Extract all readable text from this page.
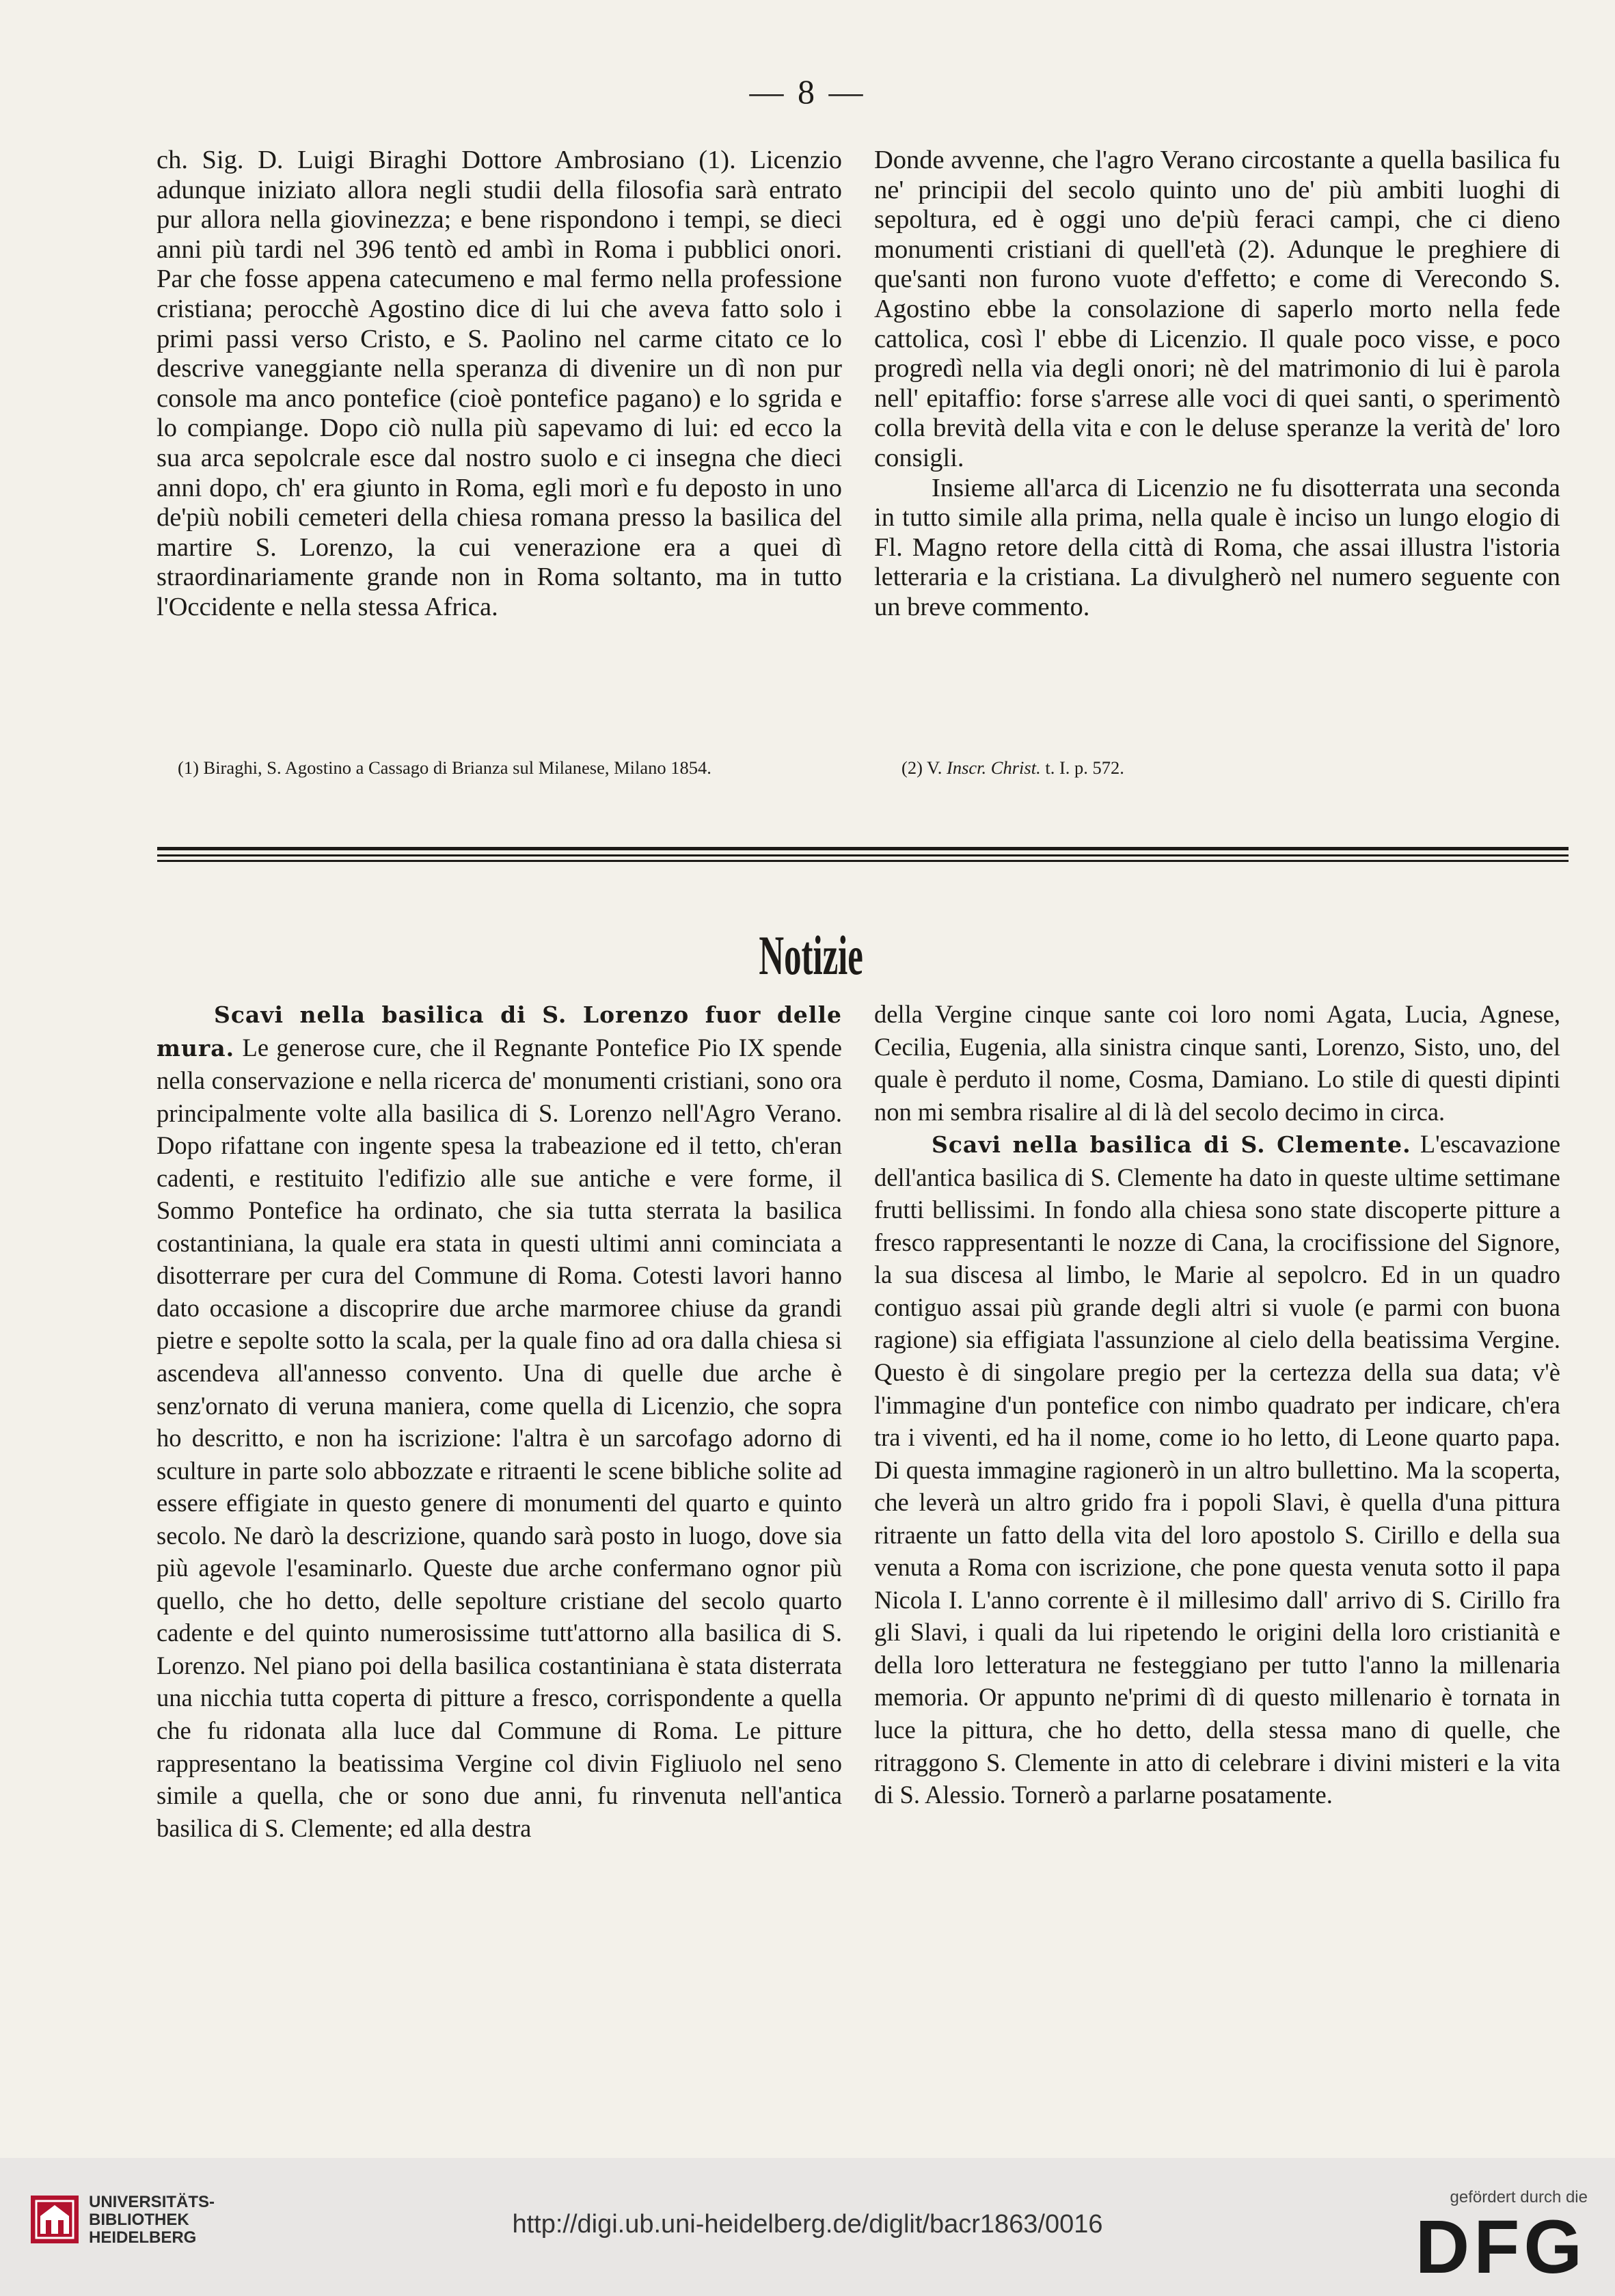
— 8 —

ch. Sig. D. Luigi Biraghi Dottore Ambrosiano (1). Licenzio adunque iniziato allora negli studii della filosofia sarà entrato pur allora nella giovinezza; e bene rispondono i tempi, se dieci anni più tardi nel 396 tentò ed ambì in Roma i pubblici onori. Par che fosse appena catecumeno e mal fermo nella professione cristiana; perocchè Agostino dice di lui che aveva fatto solo i primi passi verso Cristo, e S. Paolino nel carme citato ce lo descrive vaneggiante nella speranza di divenire un dì non pur console ma anco pontefice (cioè pontefice pagano) e lo sgrida e lo compiange. Dopo ciò nulla più sapevamo di lui: ed ecco la sua arca sepolcrale esce dal nostro suolo e ci insegna che dieci anni dopo, ch' era giunto in Roma, egli morì e fu deposto in uno de'più nobili cemeteri della chiesa romana presso la basilica del martire S. Lorenzo, la cui venerazione era a quei dì straordinariamente grande non in Roma soltanto, ma in tutto l'Occidente e nella stessa Africa.

Donde avvenne, che l'agro Verano circostante a quella basilica fu ne' principii del secolo quinto uno de' più ambiti luoghi di sepoltura, ed è oggi uno de'più feraci campi, che ci dieno monumenti cristiani di quell'età (2). Adunque le preghiere di que'santi non furono vuote d'effetto; e come di Verecondo S. Agostino ebbe la consolazione di saperlo morto nella fede cattolica, così l' ebbe di Licenzio. Il quale poco visse, e poco progredì nella via degli onori; nè del matrimonio di lui è parola nell' epitaffio: forse s'arrese alle voci di quei santi, o sperimentò colla brevità della vita e con le deluse speranze la verità de' loro consigli.

Insieme all'arca di Licenzio ne fu disotterrata una seconda in tutto simile alla prima, nella quale è inciso un lungo elogio di Fl. Magno retore della città di Roma, che assai illustra l'istoria letteraria e la cristiana. La divulgherò nel numero seguente con un breve commento.

(1) Biraghi, S. Agostino a Cassago di Brianza sul Milanese, Milano 1854.	(2) V. Inscr. Christ. t. I. p. 572.
Notizie

Scavi nella basilica di S. Lorenzo fuor delle mura. Le generose cure, che il Regnante Pontefice Pio IX spende nella conservazione e nella ricerca de' monumenti cristiani, sono ora principalmente volte alla basilica di S. Lorenzo nell'Agro Verano. Dopo rifattane con ingente spesa la trabeazione ed il tetto, ch'eran cadenti, e restituito l'edifizio alle sue antiche e vere forme, il Sommo Pontefice ha ordinato, che sia tutta sterrata la basilica costantiniana, la quale era stata in questi ultimi anni cominciata a disotterrare per cura del Commune di Roma. Cotesti lavori hanno dato occasione a discoprire due arche marmoree chiuse da grandi pietre e sepolte sotto la scala, per la quale fino ad ora dalla chiesa si ascendeva all'annesso convento. Una di quelle due arche è senz'ornato di veruna maniera, come quella di Licenzio, che sopra ho descritto, e non ha iscrizione: l'altra è un sarcofago adorno di sculture in parte solo abbozzate e ritraenti le scene bibliche solite ad essere effigiate in questo genere di monumenti del quarto e quinto secolo. Ne darò la descrizione, quando sarà posto in luogo, dove sia più agevole l'esaminarlo. Queste due arche confermano ognor più quello, che ho detto, delle sepolture cristiane del secolo quarto cadente e del quinto numerosissime tutt'attorno alla basilica di S. Lorenzo. Nel piano poi della basilica costantiniana è stata disterrata una nicchia tutta coperta di pitture a fresco, corrispondente a quella che fu ridonata alla luce dal Commune di Roma. Le pitture rappresentano la beatissima Vergine col divin Figliuolo nel seno simile a quella, che or sono due anni, fu rinvenuta nell'antica basilica di S. Clemente; ed alla destra

della Vergine cinque sante coi loro nomi Agata, Lucia, Agnese, Cecilia, Eugenia, alla sinistra cinque santi, Lorenzo, Sisto, uno, del quale è perduto il nome, Cosma, Damiano. Lo stile di questi dipinti non mi sembra risalire al di là del secolo decimo in circa.

Scavi nella basilica di S. Clemente. L'escavazione dell'antica basilica di S. Clemente ha dato in queste ultime settimane frutti bellissimi. In fondo alla chiesa sono state discoperte pitture a fresco rappresentanti le nozze di Cana, la crocifissione del Signore, la sua discesa al limbo, le Marie al sepolcro. Ed in un quadro contiguo assai più grande degli altri si vuole (e parmi con buona ragione) sia effigiata l'assunzione al cielo della beatissima Vergine. Questo è di singolare pregio per la certezza della sua data; v'è l'immagine d'un pontefice con nimbo quadrato per indicare, ch'era tra i viventi, ed ha il nome, come io ho letto, di Leone quarto papa. Di questa immagine ragionerò in un altro bullettino. Ma la scoperta, che leverà un altro grido fra i popoli Slavi, è quella d'una pittura ritraente un fatto della vita del loro apostolo S. Cirillo e della sua venuta a Roma con iscrizione, che pone questa venuta sotto il papa Nicola I. L'anno corrente è il millesimo dall' arrivo di S. Cirillo fra gli Slavi, i quali da lui ripetendo le origini della loro cristianità e della loro letteratura ne festeggiano per tutto l'anno la millenaria memoria. Or appunto ne'primi dì di questo millenario è tornata in luce la pittura, che ho detto, della stessa mano di quelle, che ritraggono S. Clemente in atto di celebrare i divini misteri e la vita di S. Alessio. Tornerò a parlarne posatamente.

UNIVERSITÄTS-
BIBLIOTHEK
HEIDELBERG	http://digi.ub.uni-heidelberg.de/diglit/bacr1863/0016
gefördert durch die
DFG
